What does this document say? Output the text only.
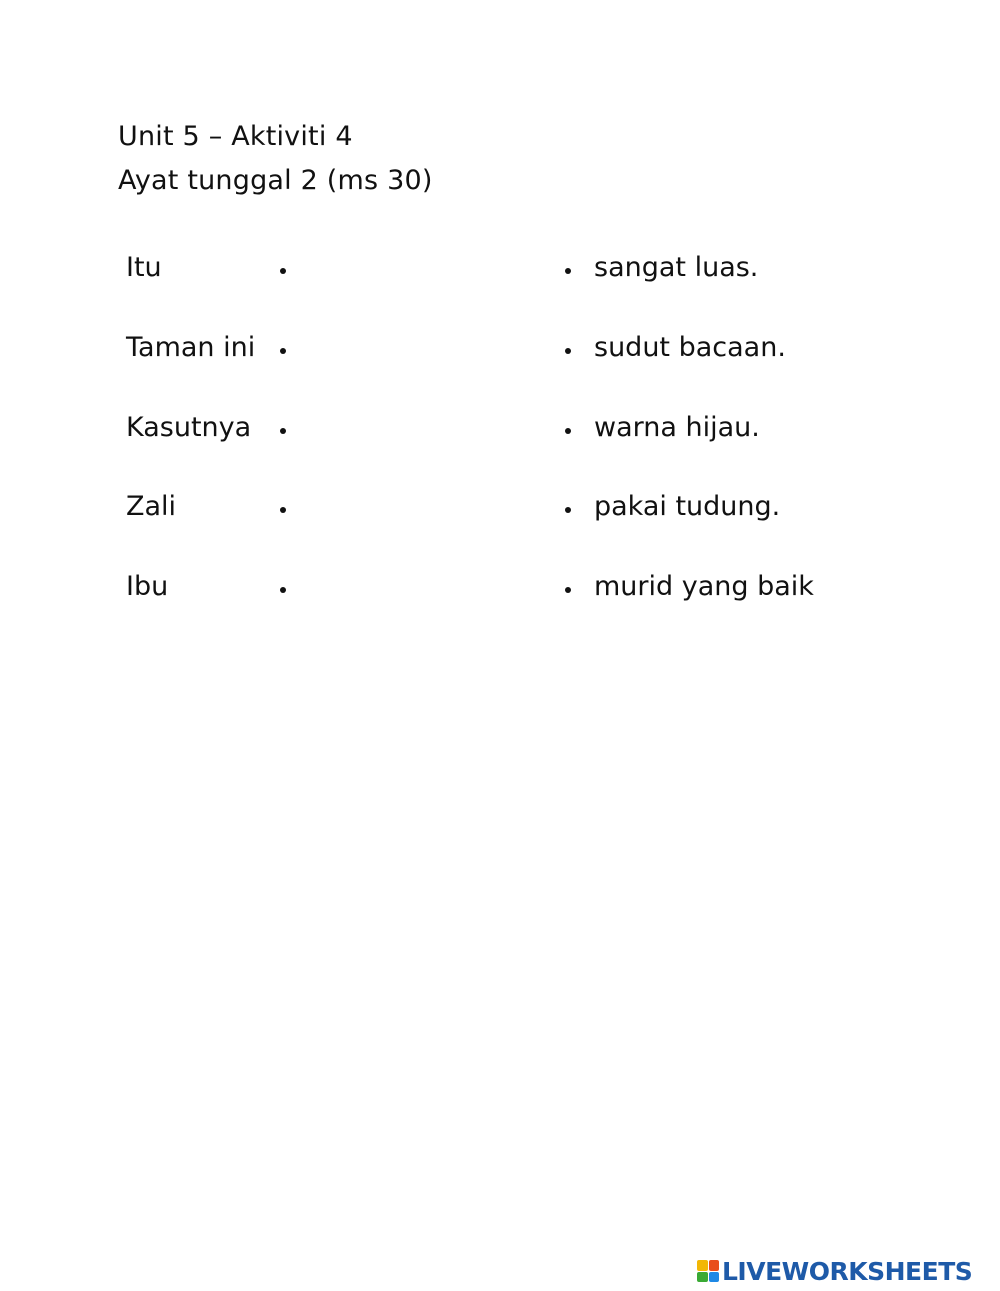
Unit 5 – Aktiviti 4
Ayat tunggal 2 (ms 30)
Itu	sangat luas.
Taman ini	sudut bacaan.
Kasutnya	warna hijau.
Zali	pakai tudung.
Ibu	murid yang baik
LIVEWORKSHEETS
